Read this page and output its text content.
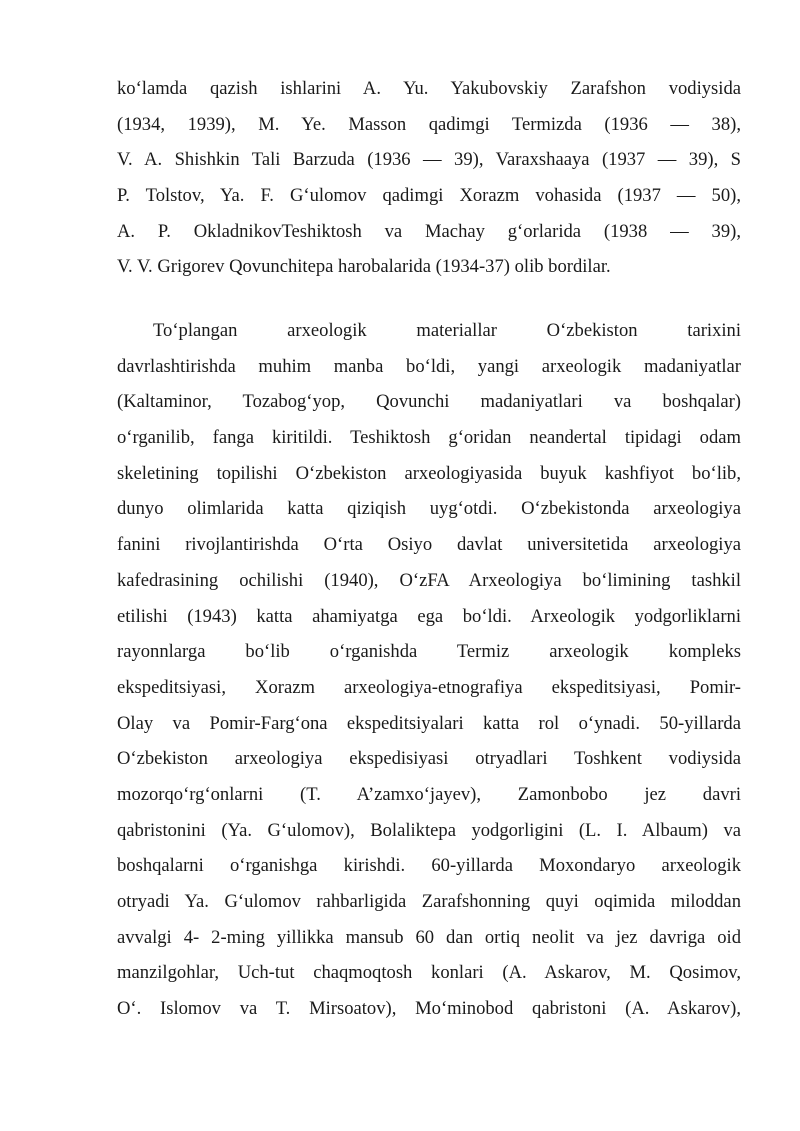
ko‘lamda qazish ishlarini A. Yu. Yakubovskiy Zarafshon vodiysida
(1934, 1939), M. Ye. Masson qadimgi Termizda (1936 — 38),
V. A. Shishkin Tali Barzuda (1936 — 39), Varaxshaaya (1937 — 39), S
P. Tolstov, Ya. F. G‘ulomov qadimgi Xorazm vohasida (1937 — 50),
A. P. OkladnikovTeshiktosh va Machay g‘orlarida (1938 — 39),
V. V. Grigorev Qovunchitepa harobalarida (1934-37) olib bordilar.
To‘plangan arxeologik materiallar O‘zbekiston tarixini
davrlashtirishda muhim manba bo‘ldi, yangi arxeologik madaniyatlar
(Kaltaminor, Tozabog‘yop, Qovunchi madaniyatlari va boshqalar)
o‘rganilib, fanga kiritildi. Teshiktosh g‘oridan neandertal tipidagi odam
skeletining topilishi O‘zbekiston arxeologiyasida buyuk kashfiyot bo‘lib,
dunyo olimlarida katta qiziqish uyg‘otdi. O‘zbekistonda arxeologiya
fanini rivojlantirishda O‘rta Osiyo davlat universitetida arxeologiya
kafedrasining ochilishi (1940), O‘zFA Arxeologiya bo‘limining tashkil
etilishi (1943) katta ahamiyatga ega bo‘ldi. Arxeologik yodgorliklarni
rayonnlarga bo‘lib o‘rganishda Termiz arxeologik kompleks
ekspeditsiyasi, Xorazm arxeologiya-etnografiya ekspeditsiyasi, Pomir-
Olay va Pomir-Farg‘ona ekspeditsiyalari katta rol o‘ynadi. 50-yillarda
O‘zbekiston arxeologiya ekspedisiyasi otryadlari Toshkent vodiysida
mozorqo‘rg‘onlarni (T. A’zamxo‘jayev), Zamonbobo jez davri
qabristonini (Ya. G‘ulomov), Bolaliktepa yodgorligini (L. I. Albaum) va
boshqalarni o‘rganishga kirishdi. 60-yillarda Moxondaryo arxeologik
otryadi Ya. G‘ulomov rahbarligida Zarafshonning quyi oqimida miloddan
avvalgi 4- 2-ming yillikka mansub 60 dan ortiq neolit va jez davriga oid
manzilgohlar, Uch-tut chaqmoqtosh konlari (A. Askarov, M. Qosimov,
O‘. Islomov va T. Mirsoatov), Mo‘minobod qabristoni (A. Askarov),
